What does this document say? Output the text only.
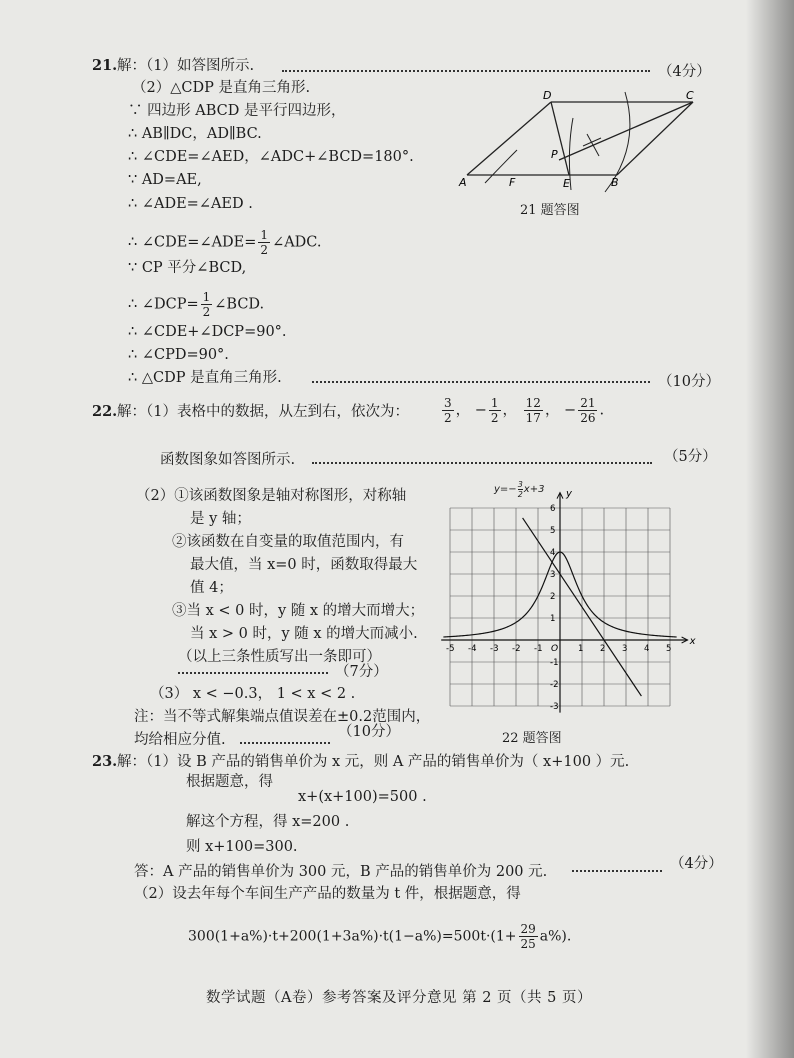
21. 解：（1）如答图所示.	（4分）
（2）△CDP 是直角三角形.
∵ 四边形 ABCD 是平行四边形，
∴ AB∥DC，AD∥BC.
∴ ∠CDE=∠AED，∠ADC+∠BCD=180°.
∵ AD=AE,
∴ ∠ADE=∠AED .
∴ ∠CDE=∠ADE= $\frac{1}{2}$ ∠ADC.
∵ CP 平分∠BCD,
∴ ∠DCP= $\frac{1}{2}$ ∠BCD.
∴ ∠CDE+∠DCP=90°.
∴ ∠CPD=90°.
∴ △CDP 是直角三角形.	（10分）
D	C
A	F	E	B
P
21 题答图
22. 解：（1）表格中的数据，从左到右，依次为：	$\frac{3}{2}$ ， − $\frac{1}{2}$ ， $\frac{12}{17}$ ， − $\frac{21}{26}$ .
函数图象如答图所示.	（5分）
（2）①该函数图象是轴对称图形，对称轴
是 y 轴；
②该函数在自变量的取值范围内，有
最大值，当 x=0 时，函数取得最大
值 4；
③当 x < 0 时，y 随 x 的增大而增大；
当 x > 0 时，y 随 x 的增大而减小.
（以上三条性质写出一条即可）
（7分）
（3） x < −0.3， 1 < x < 2 .
注：当不等式解集端点值误差在±0.2范围内，
均给相应分值.	（10分）
-5 -4 -3 -2 -1	1 2 3 4 5
6
5
4
3
2
1
-1
-2
-3
O
x
y
22 题答图
$y=- \frac{3}{2} x+3$
23. 解：（1）设 B 产品的销售单价为 x 元，则 A 产品的销售单价为（ x+100 ）元.
根据题意，得
x+(x+100)=500 .
解这个方程，得 x=200 .
则 x+100=300.
答：A 产品的销售单价为 300 元，B 产品的销售单价为 200 元.	（4分）
（2）设去年每个车间生产产品的数量为 t 件，根据题意，得
$300(1+a\%)\cdot t+200(1+3a\%)\cdot t(1-a\%)=500t\cdot(1+ \frac{29}{25} a\%)$.
数学试题（A卷）参考答案及评分意见 第 2 页（共 5 页）
